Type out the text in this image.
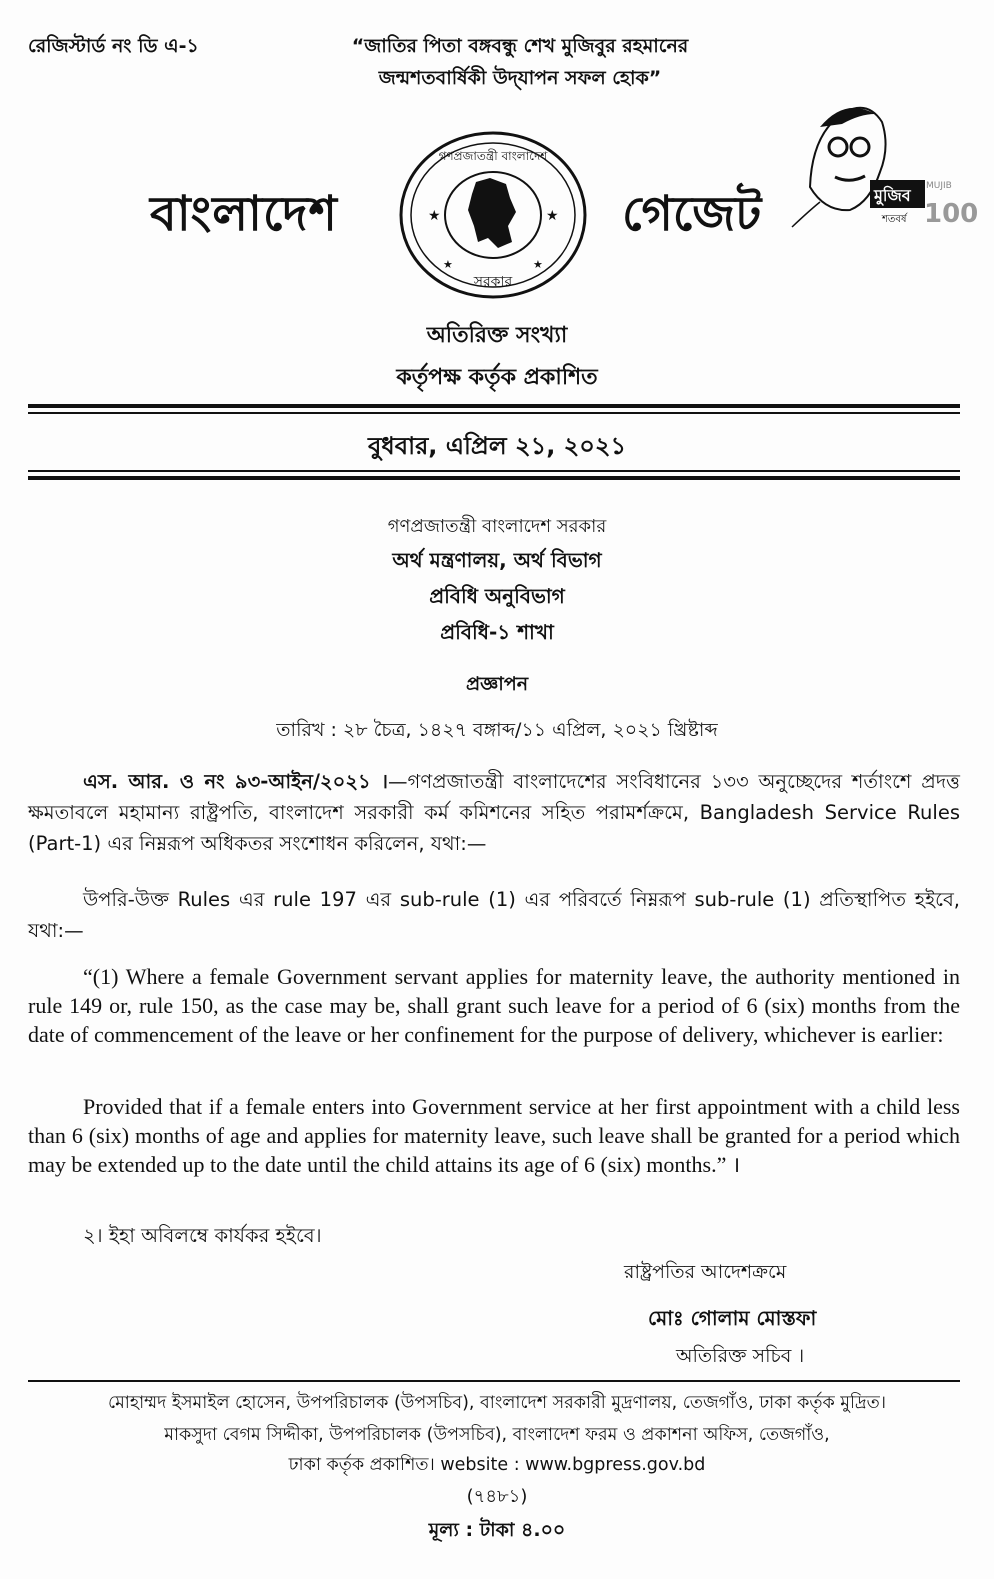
রেজিস্টার্ড নং ডি এ-১	“জাতির পিতা বঙ্গবন্ধু শেখ মুজিবুর রহমানের
জন্মশতবার্ষিকী উদ্‌যাপন সফল হোক”
বাংলাদেশ	★	★
★	★
গণপ্রজাতন্ত্রী বাংলাদেশ
সরকার
গেজেট	মুজিব
শতবর্ষ
MUJIB
100
অতিরিক্ত সংখ্যা
কর্তৃপক্ষ কর্তৃক প্রকাশিত
বুধবার, এপ্রিল ২১, ২০২১
গণপ্রজাতন্ত্রী বাংলাদেশ সরকার
অর্থ মন্ত্রণালয়, অর্থ বিভাগ
প্রবিধি অনুবিভাগ
প্রবিধি-১ শাখা
প্রজ্ঞাপন
তারিখ : ২৮ চৈত্র, ১৪২৭ বঙ্গাব্দ/১১ এপ্রিল, ২০২১ খ্রিষ্টাব্দ
এস. আর. ও নং ৯৩-আইন/২০২১ ।—গণপ্রজাতন্ত্রী বাংলাদেশের সংবিধানের ১৩৩ অনুচ্ছেদের শর্তাংশে প্রদত্ত ক্ষমতাবলে মহামান্য রাষ্ট্রপতি, বাংলাদেশ সরকারী কর্ম কমিশনের সহিত পরামর্শক্রমে, Bangladesh Service Rules (Part-1) এর নিম্নরূপ অধিকতর সংশোধন করিলেন, যথা:—
উপরি-উক্ত Rules এর rule 197 এর sub-rule (1) এর পরিবর্তে নিম্নরূপ sub-rule (1) প্রতিস্থাপিত হইবে, যথা:—
“(1) Where a female Government servant applies for maternity leave, the authority mentioned in rule 149 or, rule 150, as the case may be, shall grant such leave for a period of 6 (six) months from the date of commencement of the leave or her confinement for the purpose of delivery, whichever is earlier:
Provided that if a female enters into Government service at her first appointment with a child less than 6 (six) months of age and applies for maternity leave, such leave shall be granted for a period which may be extended up to the date until the child attains its age of 6 (six) months.” ।
২। ইহা অবিলম্বে কার্যকর হইবে।
রাষ্ট্রপতির আদেশক্রমে
মোঃ গোলাম মোস্তফা
অতিরিক্ত সচিব ।
মোহাম্মদ ইসমাইল হোসেন, উপপরিচালক (উপসচিব), বাংলাদেশ সরকারী মুদ্রণালয়, তেজগাঁও, ঢাকা কর্তৃক মুদ্রিত।
মাকসুদা বেগম সিদ্দীকা, উপপরিচালক (উপসচিব), বাংলাদেশ ফরম ও প্রকাশনা অফিস, তেজগাঁও,
ঢাকা কর্তৃক প্রকাশিত। website : www.bgpress.gov.bd
(৭৪৮১)
মূল্য : টাকা ৪.০০
